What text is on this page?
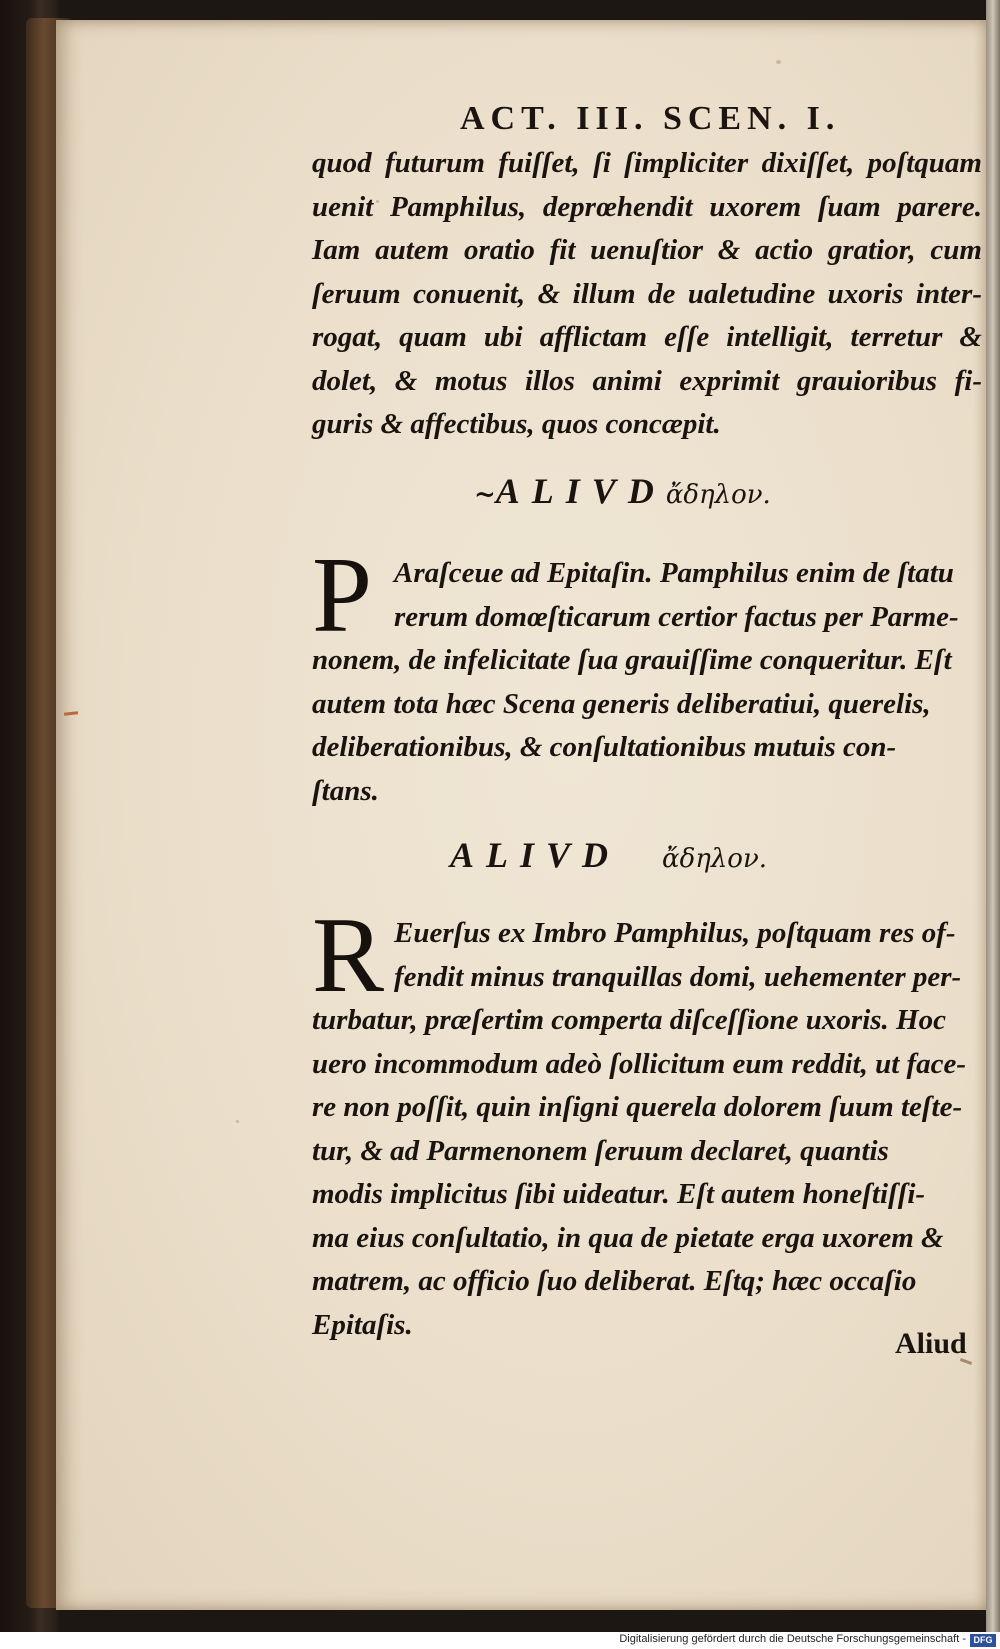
ACT. III. SCEN. I.
quod futurum fuiſſet, ſi ſimpliciter dixiſſet, poſtquam
uenit Pamphilus, deprœhendit uxorem ſuam parere.
Iam autem oratio fit uenuſtior & actio gratior, cum
ſeruum conuenit, & illum de ualetudine uxoris inter-
rogat, quam ubi afflictam eſſe intelligit, terretur &
dolet, & motus illos animi exprimit grauioribus fi-
guris & affectibus, quos concæpit.
~ALIVDἄδηλον.
P Araſceue ad Epitaſin. Pamphilus enim de ſtatu
rerum domœſticarum certior factus per Parme-
nonem, de infelicitate ſua grauiſſime conqueritur. Eſt
autem tota hæc Scena generis deliberatiui, querelis,
deliberationibus, & conſultationibus mutuis con-
ſtans.
ALIVD ἄδηλον.
R Euerſus ex Imbro Pamphilus, poſtquam res of-
fendit minus tranquillas domi, uehementer per-
turbatur, præſertim comperta diſceſſione uxoris. Hoc
uero incommodum adeò ſollicitum eum reddit, ut face-
re non poſſit, quin inſigni querela dolorem ſuum teſte-
tur, & ad Parmenonem ſeruum declaret, quantis
modis implicitus ſibi uideatur. Eſt autem honeſtiſſi-
ma eius conſultatio, in qua de pietate erga uxorem &
matrem, ac officio ſuo deliberat. Eſtq; hæc occaſio
Epitaſis.
Aliud
Digitalisierung gefördert durch die Deutsche Forschungsgemeinschaft - DFG
